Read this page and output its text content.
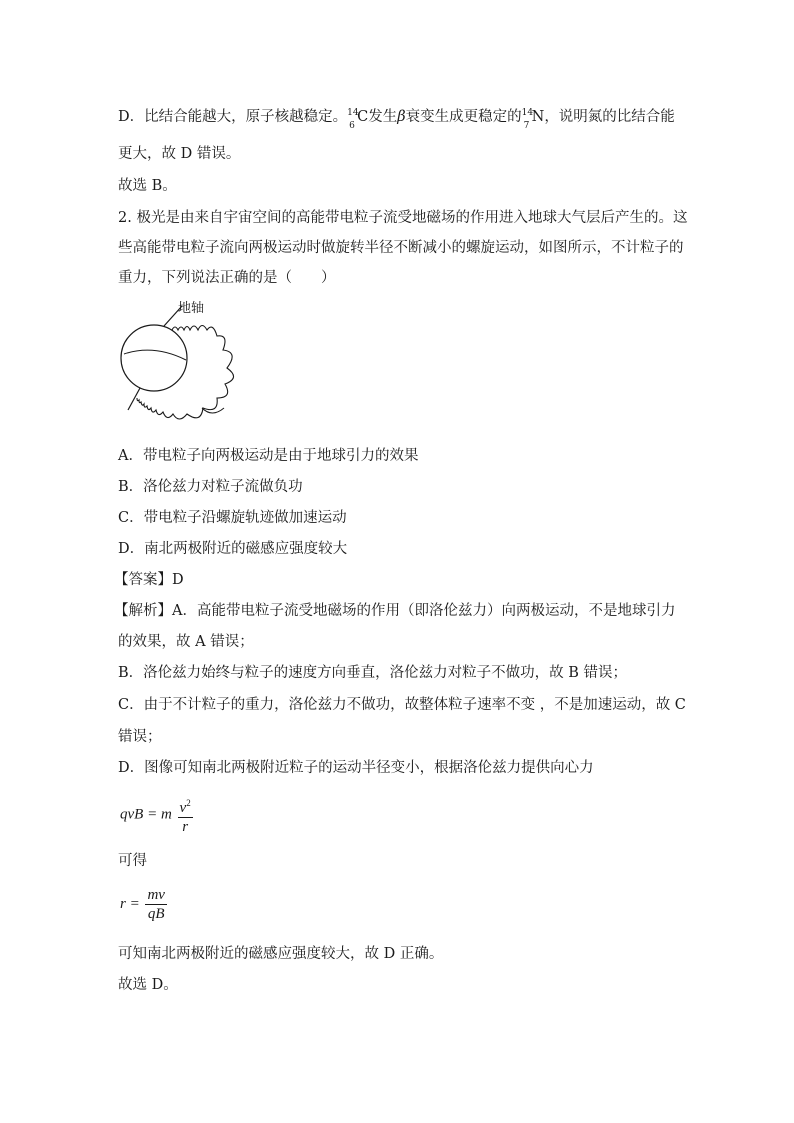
D．比结合能越大，原子核越稳定。 14
6
C发生β衰变生成更稳定的 14
7
N，说明氮的比结合能
更大，故 D 错误。
故选 B。
2. 极光是由来自宇宙空间的高能带电粒子流受地磁场的作用进入地球大气层后产生的。这
些高能带电粒子流向两极运动时做旋转半径不断减小的螺旋运动，如图所示，不计粒子的
重力，下列说法正确的是（　　）
地轴
A．带电粒子向两极运动是由于地球引力的效果
B．洛伦兹力对粒子流做负功
C．带电粒子沿螺旋轨迹做加速运动
D．南北两极附近的磁感应强度较大
【答案】D
【解析】A．高能带电粒子流受地磁场的作用（即洛伦兹力）向两极运动，不是地球引力
的效果，故 A 错误；
B．洛伦兹力始终与粒子的速度方向垂直，洛伦兹力对粒子不做功，故 B 错误；
C．由于不计粒子的重力，洛伦兹力不做功，故整体粒子速率不变 ，不是加速运动，故 C
错误；
D．图像可知南北两极附近粒子的运动半径变小，根据洛伦兹力提供向心力
qvB = m $\frac{v^2}{r}$
可得
$r = \frac{mv}{qB}$
可知南北两极附近的磁感应强度较大，故 D 正确。
故选 D。
